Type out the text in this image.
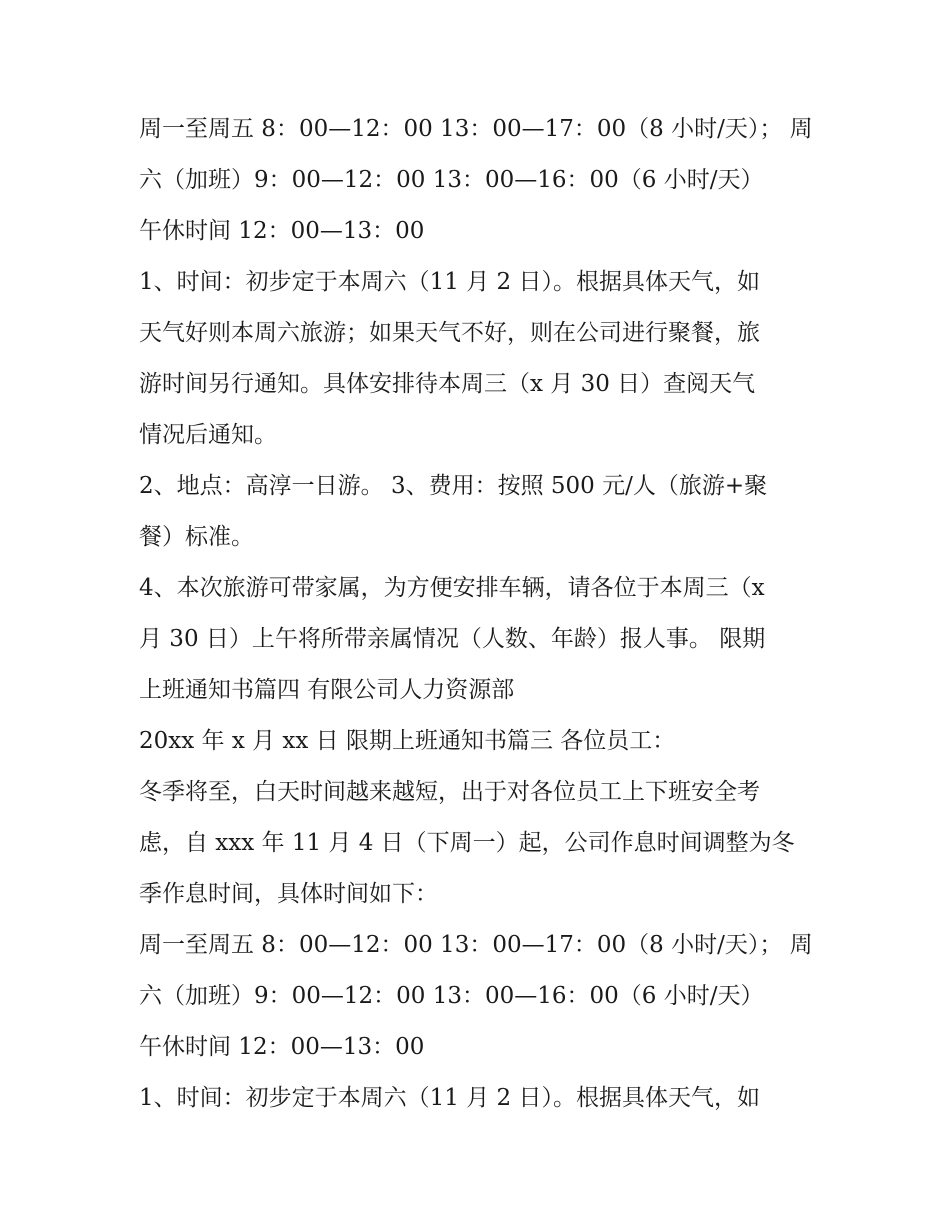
周一至周五 8：00—12：00 13：00—17：00（8 小时/天）； 周
六（加班）9：00—12：00 13：00—16：00（6 小时/天）
午休时间 12：00—13：00
1、时间：初步定于本周六（11 月 2 日）。根据具体天气，如
天气好则本周六旅游；如果天气不好，则在公司进行聚餐，旅
游时间另行通知。具体安排待本周三（x 月 30 日）查阅天气
情况后通知。
2、地点：高淳一日游。 3、费用：按照 500 元/人（旅游+聚
餐）标准。
4、本次旅游可带家属，为方便安排车辆，请各位于本周三（x
月 30 日）上午将所带亲属情况（人数、年龄）报人事。 限期
上班通知书篇四 有限公司人力资源部
20xx 年 x 月 xx 日 限期上班通知书篇三 各位员工：
冬季将至，白天时间越来越短，出于对各位员工上下班安全考
虑，自 xxx 年 11 月 4 日（下周一）起，公司作息时间调整为冬
季作息时间，具体时间如下：
周一至周五 8：00—12：00 13：00—17：00（8 小时/天）； 周
六（加班）9：00—12：00 13：00—16：00（6 小时/天）
午休时间 12：00—13：00
1、时间：初步定于本周六（11 月 2 日）。根据具体天气，如
